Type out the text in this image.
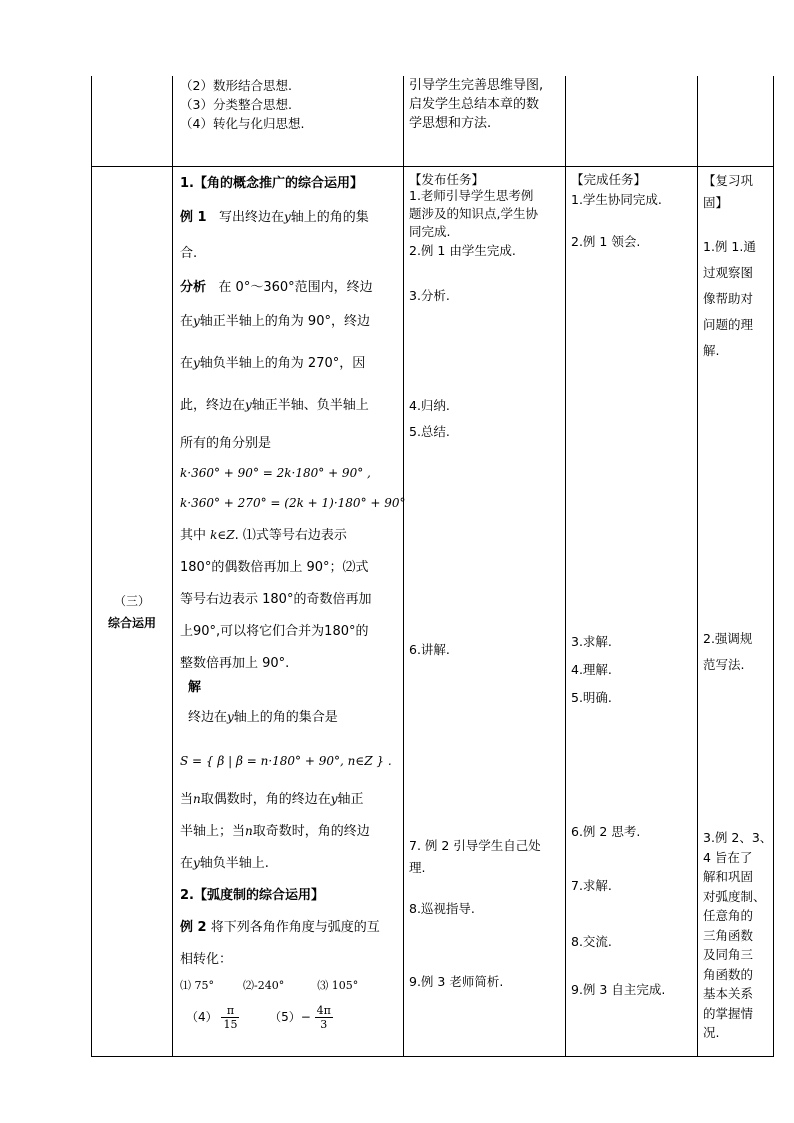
（2）数形结合思想.
（3）分类整合思想.
（4）转化与化归思想.
引导学生完善思维导图,
启发学生总结本章的数
学思想和方法.
（三）
综合运用
1.【角的概念推广的综合运用】
例 1 写出终边在y轴上的角的集
合.
分析 在 0°～360°范围内，终边
在y轴正半轴上的角为 90°，终边
在y轴负半轴上的角为 270°，因
此，终边在y轴正半轴、负半轴上
所有的角分别是
k·360° + 90° = 2k·180° + 90° ,
k·360° + 270° = (2k + 1)·180° + 90°
其中 k∈Z. ⑴式等号右边表示
180°的偶数倍再加上 90°；⑵式
等号右边表示 180°的奇数倍再加
上90°,可以将它们合并为180°的
整数倍再加上 90°.
解
终边在y轴上的角的集合是
S = { β | β = n·180° + 90°, n∈Z } .
当n取偶数时，角的终边在y轴正
半轴上；当n取奇数时，角的终边
在y轴负半轴上.
2.【弧度制的综合运用】
例 2 将下列各角作角度与弧度的互
相转化：
⑴ 75°	⑵-240°	⑶ 105°
$(4) \frac{\pi}{15} (5)- \frac{4\pi}{3}$
【发布任务】
1.老师引导学生思考例
题涉及的知识点,学生协
同完成.
2.例 1 由学生完成.
3.分析.
4.归纳.
5.总结.
6.讲解.
7. 例 2 引导学生自己处
理.
8.巡视指导.
9.例 3 老师简析.
【完成任务】
1.学生协同完成.
2.例 1 领会.
3.求解.
4.理解.
5.明确.
6.例 2 思考.
7.求解.
8.交流.
9.例 3 自主完成.
【复习巩
固】
1.例 1.通
过观察图
像帮助对
问题的理
解.
2.强调规
范写法.
3.例 2、3、
4 旨在了
解和巩固
对弧度制、
任意角的
三角函数
及同角三
角函数的
基本关系
的掌握情
况.
